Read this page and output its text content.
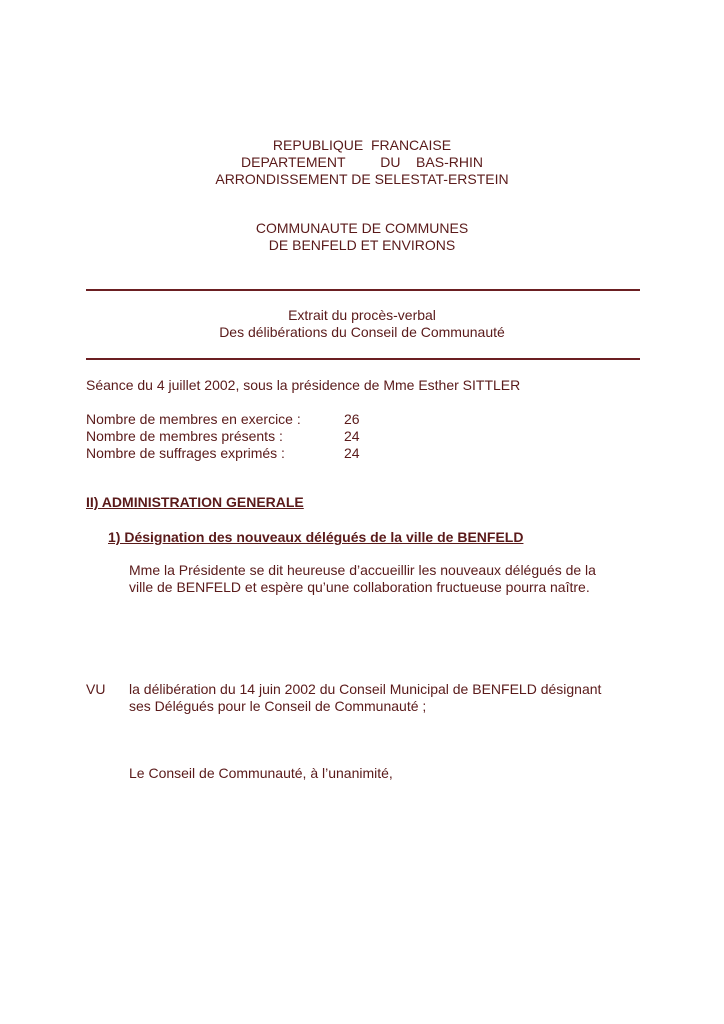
REPUBLIQUE  FRANCAISE
DEPARTEMENT         DU    BAS-RHIN
ARRONDISSEMENT DE SELESTAT-ERSTEIN
COMMUNAUTE DE COMMUNES
DE BENFELD ET ENVIRONS
Extrait du procès-verbal
Des délibérations du Conseil de Communauté
Séance du 4 juillet 2002, sous la présidence de Mme Esther SITTLER
Nombre de membres en exercice :	26
Nombre de membres présents :	24
Nombre de suffrages exprimés :	24
II) ADMINISTRATION GENERALE
1) Désignation des nouveaux délégués de la ville de BENFELD
Mme la Présidente se dit heureuse d’accueillir les nouveaux délégués de la
ville de BENFELD et espère qu’une collaboration fructueuse pourra naître.
VU la délibération du 14 juin 2002 du Conseil Municipal de BENFELD désignant
ses Délégués pour le Conseil de Communauté ;
Le Conseil de Communauté, à l’unanimité,
